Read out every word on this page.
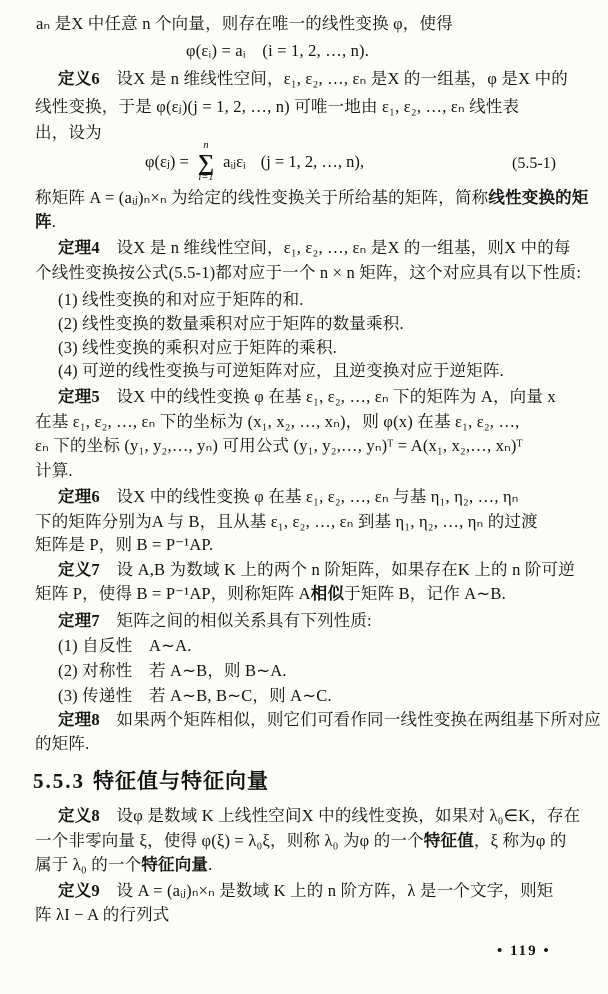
aₙ 是X 中任意 n 个向量，则存在唯一的线性变换 φ，使得
φ(εᵢ) = aᵢ　(i = 1, 2, …, n).
定义6　设X 是 n 维线性空间，ε₁, ε₂, …, εₙ 是X 的一组基，φ 是X 中的
线性变换，于是 φ(εⱼ)(j = 1, 2, …, n) 可唯一地由 ε₁, ε₂, …, εₙ 线性表
出，设为
φ(εⱼ) =
n
∑
i=1
aᵢⱼεᵢ (j = 1, 2, …, n),	(5.5-1)
称矩阵 A = (aᵢⱼ)ₙ×ₙ 为给定的线性变换关于所给基的矩阵，简称线性变换的矩
阵.
定理4　设X 是 n 维线性空间，ε₁, ε₂, …, εₙ 是X 的一组基，则X 中的每
个线性变换按公式(5.5-1)都对应于一个 n × n 矩阵，这个对应具有以下性质:
(1) 线性变换的和对应于矩阵的和.
(2) 线性变换的数量乘积对应于矩阵的数量乘积.
(3) 线性变换的乘积对应于矩阵的乘积.
(4) 可逆的线性变换与可逆矩阵对应，且逆变换对应于逆矩阵.
定理5　设X 中的线性变换 φ 在基 ε₁, ε₂, …, εₙ 下的矩阵为 A，向量 x
在基 ε₁, ε₂, …, εₙ 下的坐标为 (x₁, x₂, …, xₙ)，则 φ(x) 在基 ε₁, ε₂, …,
εₙ 下的坐标 (y₁, y₂,…, yₙ) 可用公式 (y₁, y₂,…, yₙ)ᵀ = A(x₁, x₂,…, xₙ)ᵀ
计算.
定理6　设X 中的线性变换 φ 在基 ε₁, ε₂, …, εₙ 与基 η₁, η₂, …, ηₙ
下的矩阵分别为A 与 B，且从基 ε₁, ε₂, …, εₙ 到基 η₁, η₂, …, ηₙ 的过渡
矩阵是 P，则 B = P⁻¹AP.
定义7　设 A,B 为数域 K 上的两个 n 阶矩阵，如果存在K 上的 n 阶可逆
矩阵 P，使得 B = P⁻¹AP，则称矩阵 A相似于矩阵 B，记作 A∼B.
定理7　矩阵之间的相似关系具有下列性质:
(1) 自反性　A∼A.
(2) 对称性　若 A∼B，则 B∼A.
(3) 传递性　若 A∼B, B∼C，则 A∼C.
定理8　如果两个矩阵相似，则它们可看作同一线性变换在两组基下所对应
的矩阵.
5.5.3 特征值与特征向量
定义8　设φ 是数域 K 上线性空间X 中的线性变换，如果对 λ₀∈K，存在
一个非零向量 ξ，使得 φ(ξ) = λ₀ξ，则称 λ₀ 为φ 的一个特征值，ξ 称为φ 的
属于 λ₀ 的一个特征向量.
定义9　设 A = (aᵢⱼ)ₙ×ₙ 是数域 K 上的 n 阶方阵，λ 是一个文字，则矩
阵 λI − A 的行列式
• 119 •
